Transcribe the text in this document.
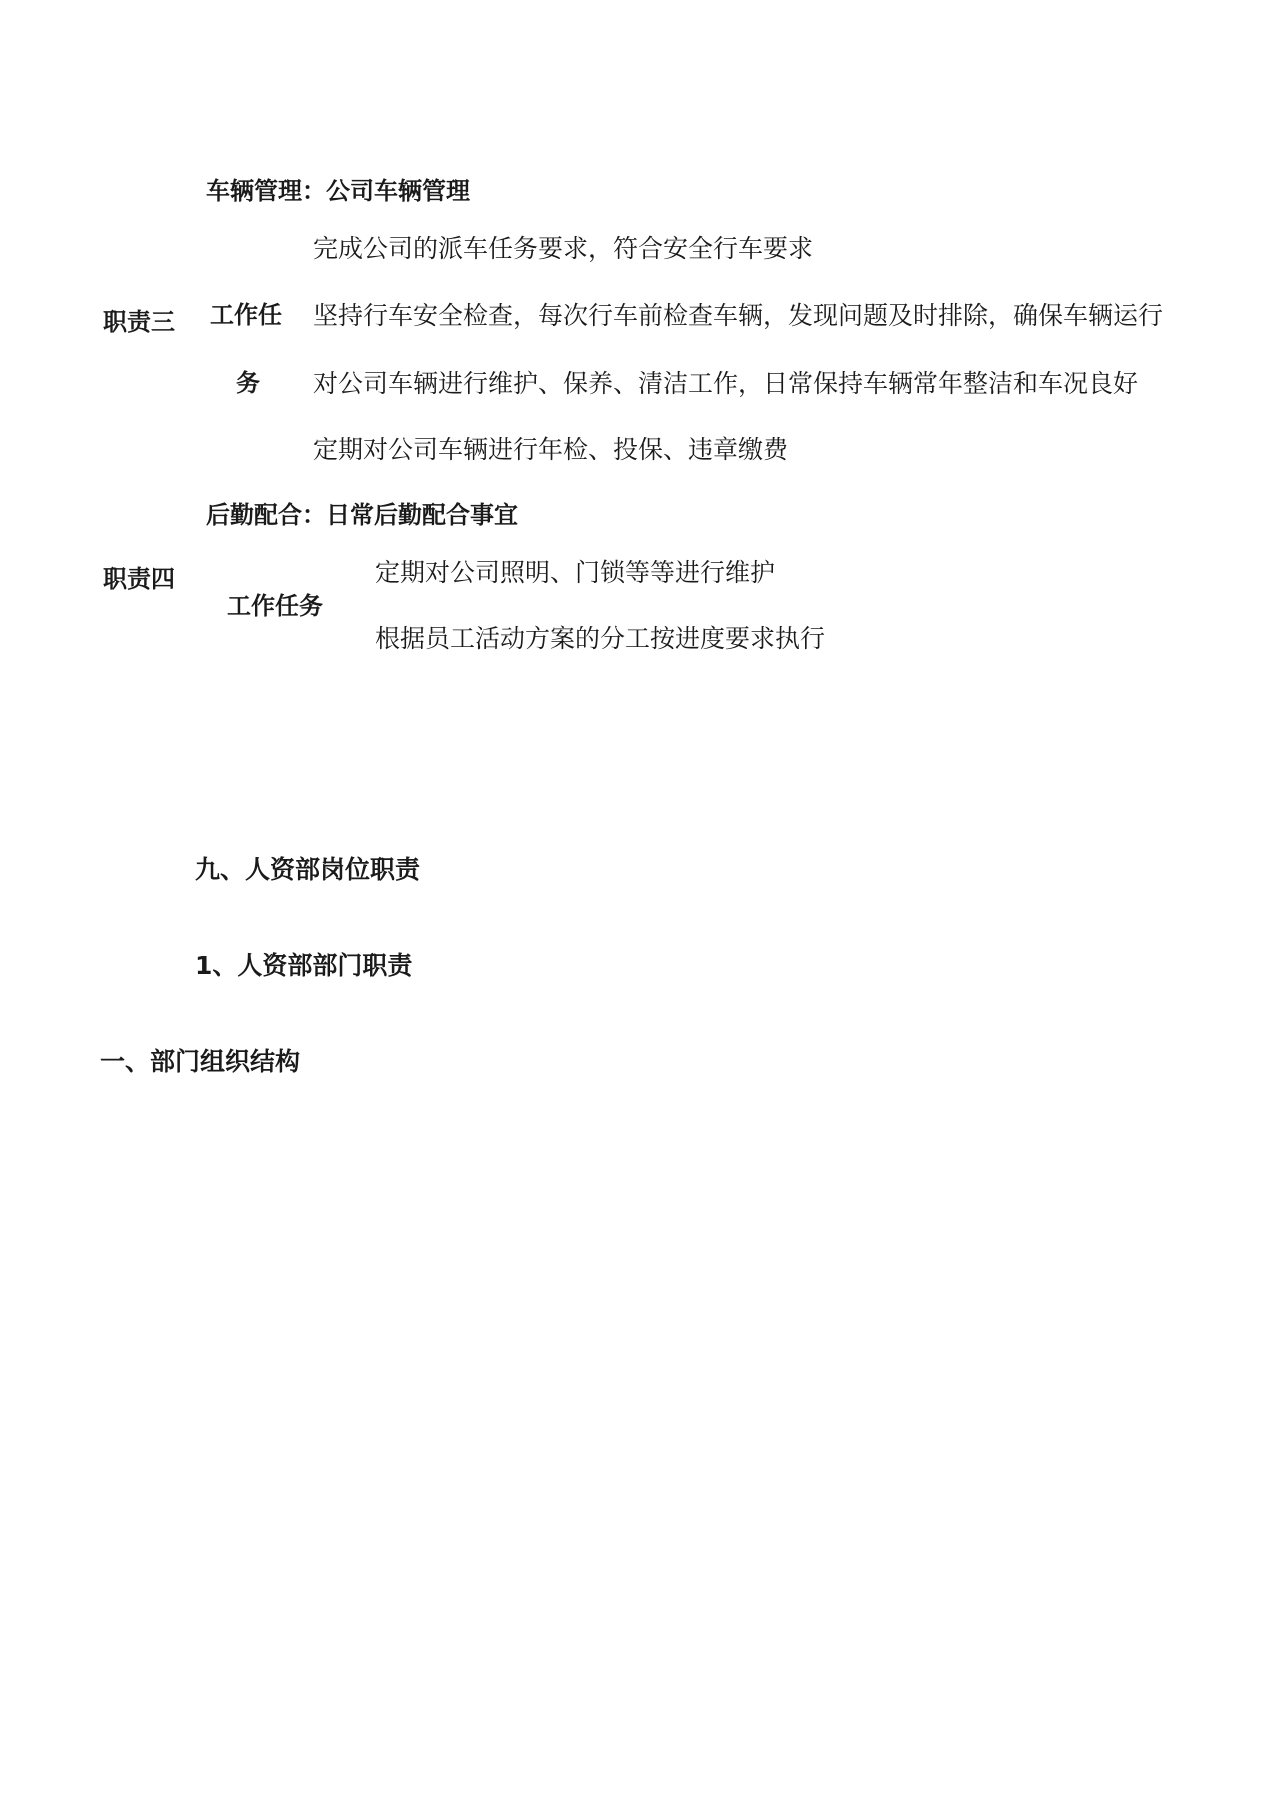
车辆管理：公司车辆管理
完成公司的派车任务要求，符合安全行车要求
职责三 工作任
务
坚持行车安全检查，每次行车前检查车辆，发现问题及时排除，确保车辆运行
对公司车辆进行维护、保养、清洁工作，日常保持车辆常年整洁和车况良好
定期对公司车辆进行年检、投保、违章缴费
后勤配合：日常后勤配合事宜
职责四
工作任务
定期对公司照明、门锁等等进行维护
根据员工活动方案的分工按进度要求执行
九、人资部岗位职责
1、人资部部门职责
一、部门组织结构
